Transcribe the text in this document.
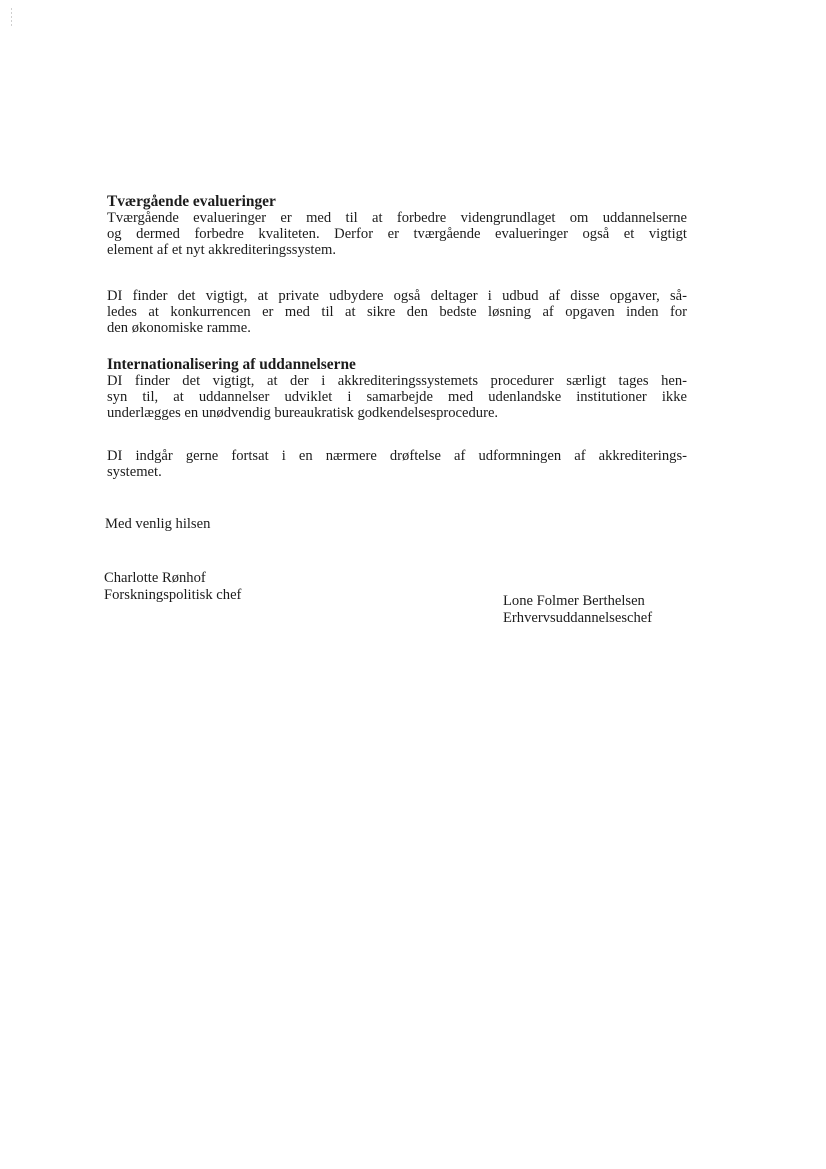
Tværgående evalueringer
Tværgående evalueringer er med til at forbedre videngrundlaget om uddannelserne
og dermed forbedre kvaliteten. Derfor er tværgående evalueringer også et vigtigt
element af et nyt akkrediteringssystem.
DI finder det vigtigt, at private udbydere også deltager i udbud af disse opgaver, så-
ledes at konkurrencen er med til at sikre den bedste løsning af opgaven inden for
den økonomiske ramme.
Internationalisering af uddannelserne
DI finder det vigtigt, at der i akkrediteringssystemets procedurer særligt tages hen-
syn til, at uddannelser udviklet i samarbejde med udenlandske institutioner ikke
underlægges en unødvendig bureaukratisk godkendelsesprocedure.
DI indgår gerne fortsat i en nærmere drøftelse af udformningen af akkrediterings-
systemet.
Med venlig hilsen
Charlotte Rønhof
Forskningspolitisk chef	Lone Folmer Berthelsen
Erhvervsuddannelseschef
